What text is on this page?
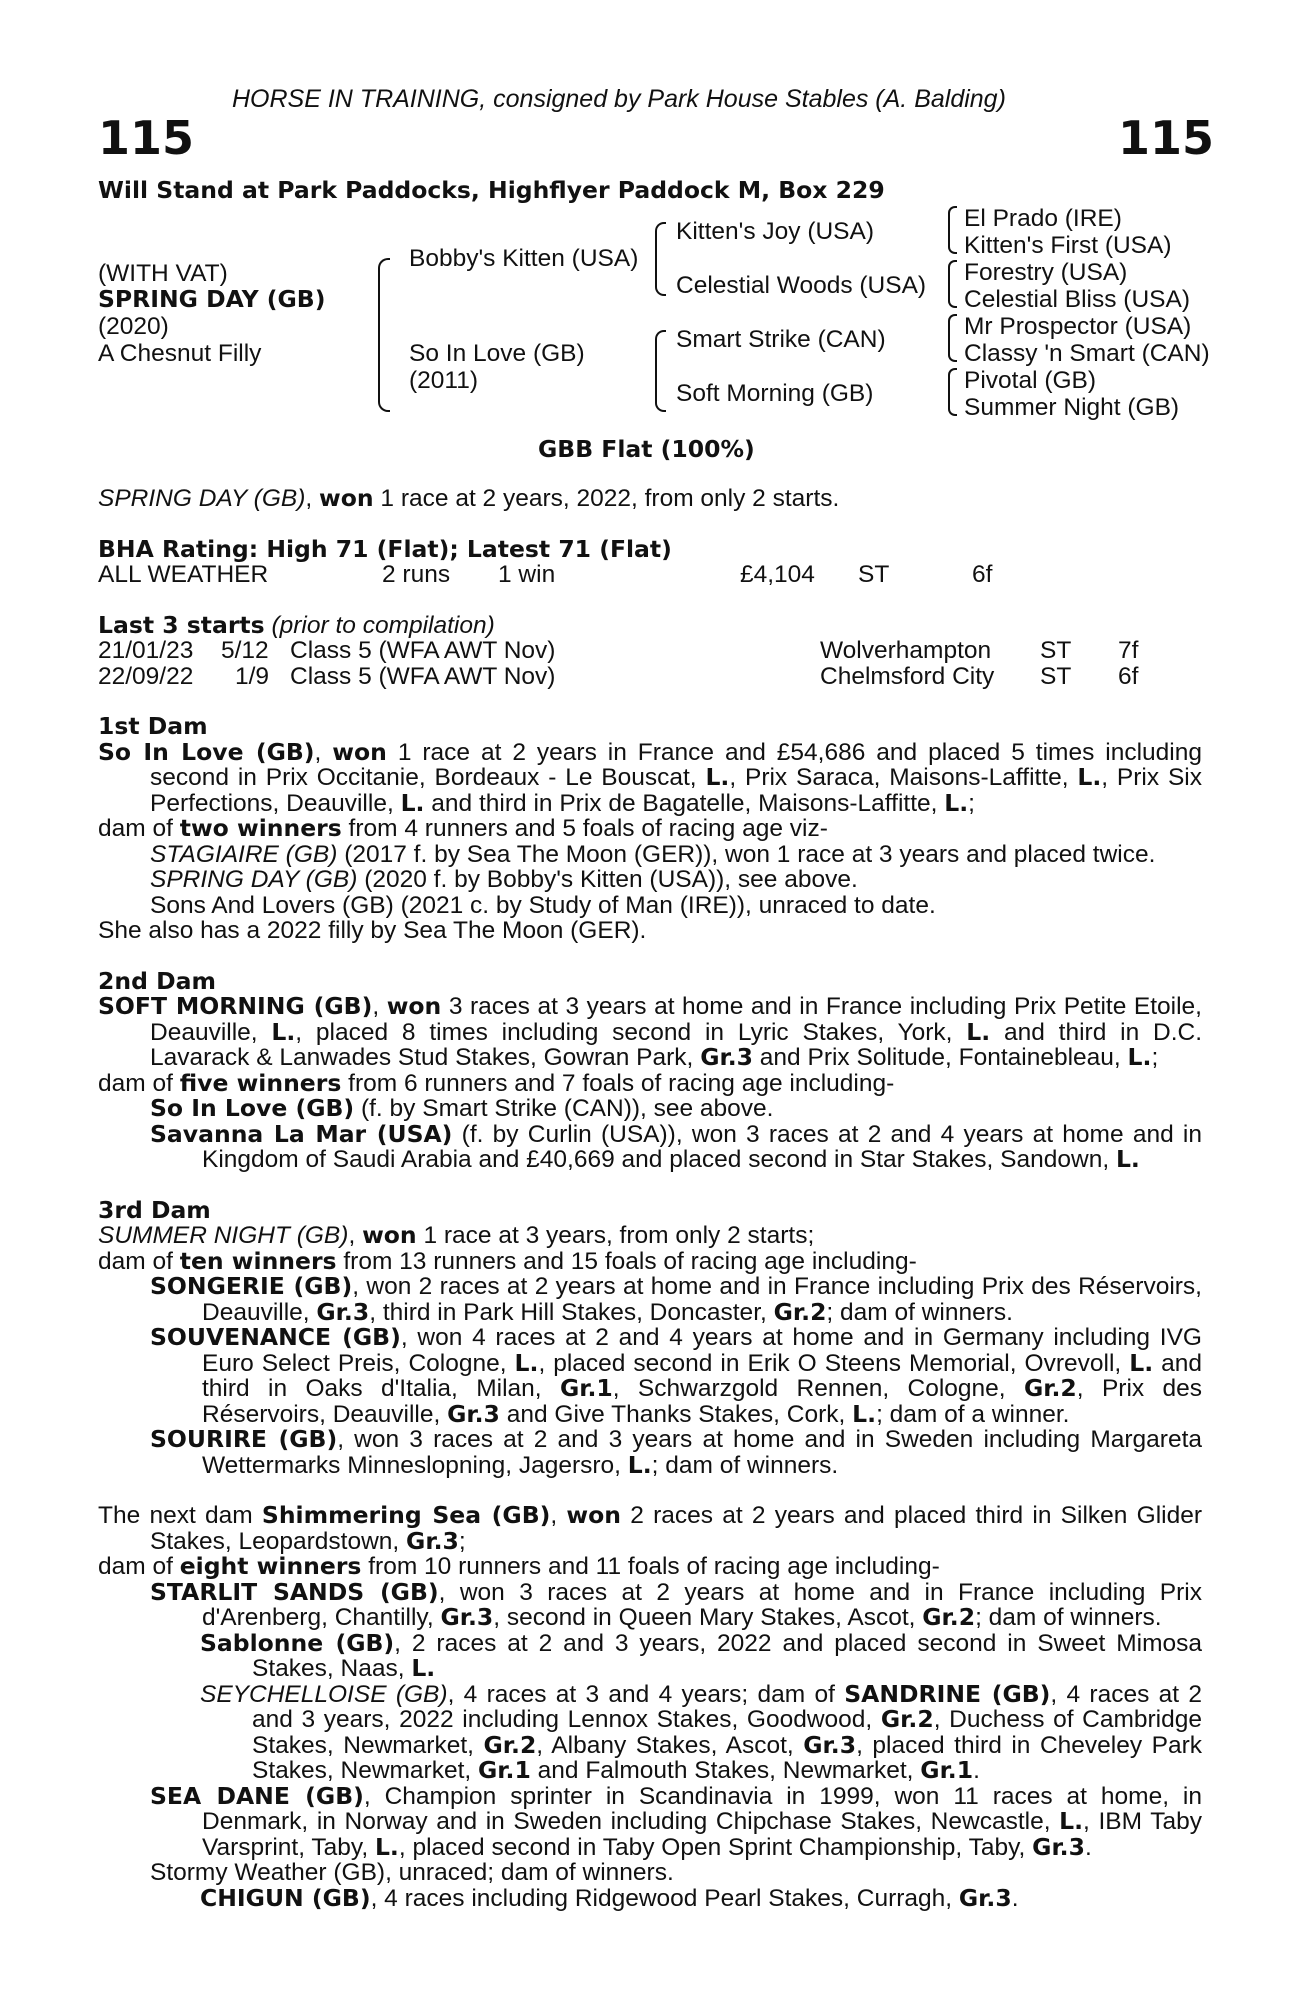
HORSE IN TRAINING, consigned by Park House Stables (A. Balding)
115	115
Will Stand at Park Paddocks, Highflyer Paddock M, Box 229
(WITH VAT)
SPRING DAY (GB)
(2020)
A Chesnut Filly
Bobby's Kitten (USA)
So In Love (GB)
(2011)
Kitten's Joy (USA)
Celestial Woods (USA)
Smart Strike (CAN)
Soft Morning (GB)
El Prado (IRE)
Kitten's First (USA)
Forestry (USA)
Celestial Bliss (USA)
Mr Prospector (USA)
Classy 'n Smart (CAN)
Pivotal (GB)
Summer Night (GB)
GBB Flat (100%)
SPRING DAY (GB), won 1 race at 2 years, 2022, from only 2 starts.
BHA Rating: High 71 (Flat); Latest 71 (Flat)
ALL WEATHER	2 runs 1 win	£4,104 ST	6f
Last 3 starts (prior to compilation)
21/01/23 5/12 Class 5 (WFA AWT Nov)	Wolverhampton ST 7f
22/09/22 1/9 Class 5 (WFA AWT Nov)	Chelmsford City ST 6f
1st Dam
So In Love (GB), won 1 race at 2 years in France and £54,686 and placed 5 times including second in Prix Occitanie, Bordeaux - Le Bouscat, L., Prix Saraca, Maisons-Laffitte, L., Prix Six Perfections, Deauville, L. and third in Prix de Bagatelle, Maisons-Laffitte, L.;
dam of two winners from 4 runners and 5 foals of racing age viz-
STAGIAIRE (GB) (2017 f. by Sea The Moon (GER)), won 1 race at 3 years and placed twice.
SPRING DAY (GB) (2020 f. by Bobby's Kitten (USA)), see above.
Sons And Lovers (GB) (2021 c. by Study of Man (IRE)), unraced to date.
She also has a 2022 filly by Sea The Moon (GER).
2nd Dam
SOFT MORNING (GB), won 3 races at 3 years at home and in France including Prix Petite Etoile, Deauville, L., placed 8 times including second in Lyric Stakes, York, L. and third in D.C. Lavarack & Lanwades Stud Stakes, Gowran Park, Gr.3 and Prix Solitude, Fontainebleau, L.;
dam of five winners from 6 runners and 7 foals of racing age including-
So In Love (GB) (f. by Smart Strike (CAN)), see above.
Savanna La Mar (USA) (f. by Curlin (USA)), won 3 races at 2 and 4 years at home and in Kingdom of Saudi Arabia and £40,669 and placed second in Star Stakes, Sandown, L.
3rd Dam
SUMMER NIGHT (GB), won 1 race at 3 years, from only 2 starts;
dam of ten winners from 13 runners and 15 foals of racing age including-
SONGERIE (GB), won 2 races at 2 years at home and in France including Prix des Réservoirs, Deauville, Gr.3, third in Park Hill Stakes, Doncaster, Gr.2; dam of winners.
SOUVENANCE (GB), won 4 races at 2 and 4 years at home and in Germany including IVG Euro Select Preis, Cologne, L., placed second in Erik O Steens Memorial, Ovrevoll, L. and third in Oaks d'Italia, Milan, Gr.1, Schwarzgold Rennen, Cologne, Gr.2, Prix des Réservoirs, Deauville, Gr.3 and Give Thanks Stakes, Cork, L.; dam of a winner.
SOURIRE (GB), won 3 races at 2 and 3 years at home and in Sweden including Margareta Wettermarks Minneslopning, Jagersro, L.; dam of winners.
The next dam Shimmering Sea (GB), won 2 races at 2 years and placed third in Silken Glider Stakes, Leopardstown, Gr.3;
dam of eight winners from 10 runners and 11 foals of racing age including-
STARLIT SANDS (GB), won 3 races at 2 years at home and in France including Prix d'Arenberg, Chantilly, Gr.3, second in Queen Mary Stakes, Ascot, Gr.2; dam of winners.
Sablonne (GB), 2 races at 2 and 3 years, 2022 and placed second in Sweet Mimosa Stakes, Naas, L.
SEYCHELLOISE (GB), 4 races at 3 and 4 years; dam of SANDRINE (GB), 4 races at 2 and 3 years, 2022 including Lennox Stakes, Goodwood, Gr.2, Duchess of Cambridge Stakes, Newmarket, Gr.2, Albany Stakes, Ascot, Gr.3, placed third in Cheveley Park Stakes, Newmarket, Gr.1 and Falmouth Stakes, Newmarket, Gr.1.
SEA DANE (GB), Champion sprinter in Scandinavia in 1999, won 11 races at home, in Denmark, in Norway and in Sweden including Chipchase Stakes, Newcastle, L., IBM Taby Varsprint, Taby, L., placed second in Taby Open Sprint Championship, Taby, Gr.3.
Stormy Weather (GB), unraced; dam of winners.
CHIGUN (GB), 4 races including Ridgewood Pearl Stakes, Curragh, Gr.3.
